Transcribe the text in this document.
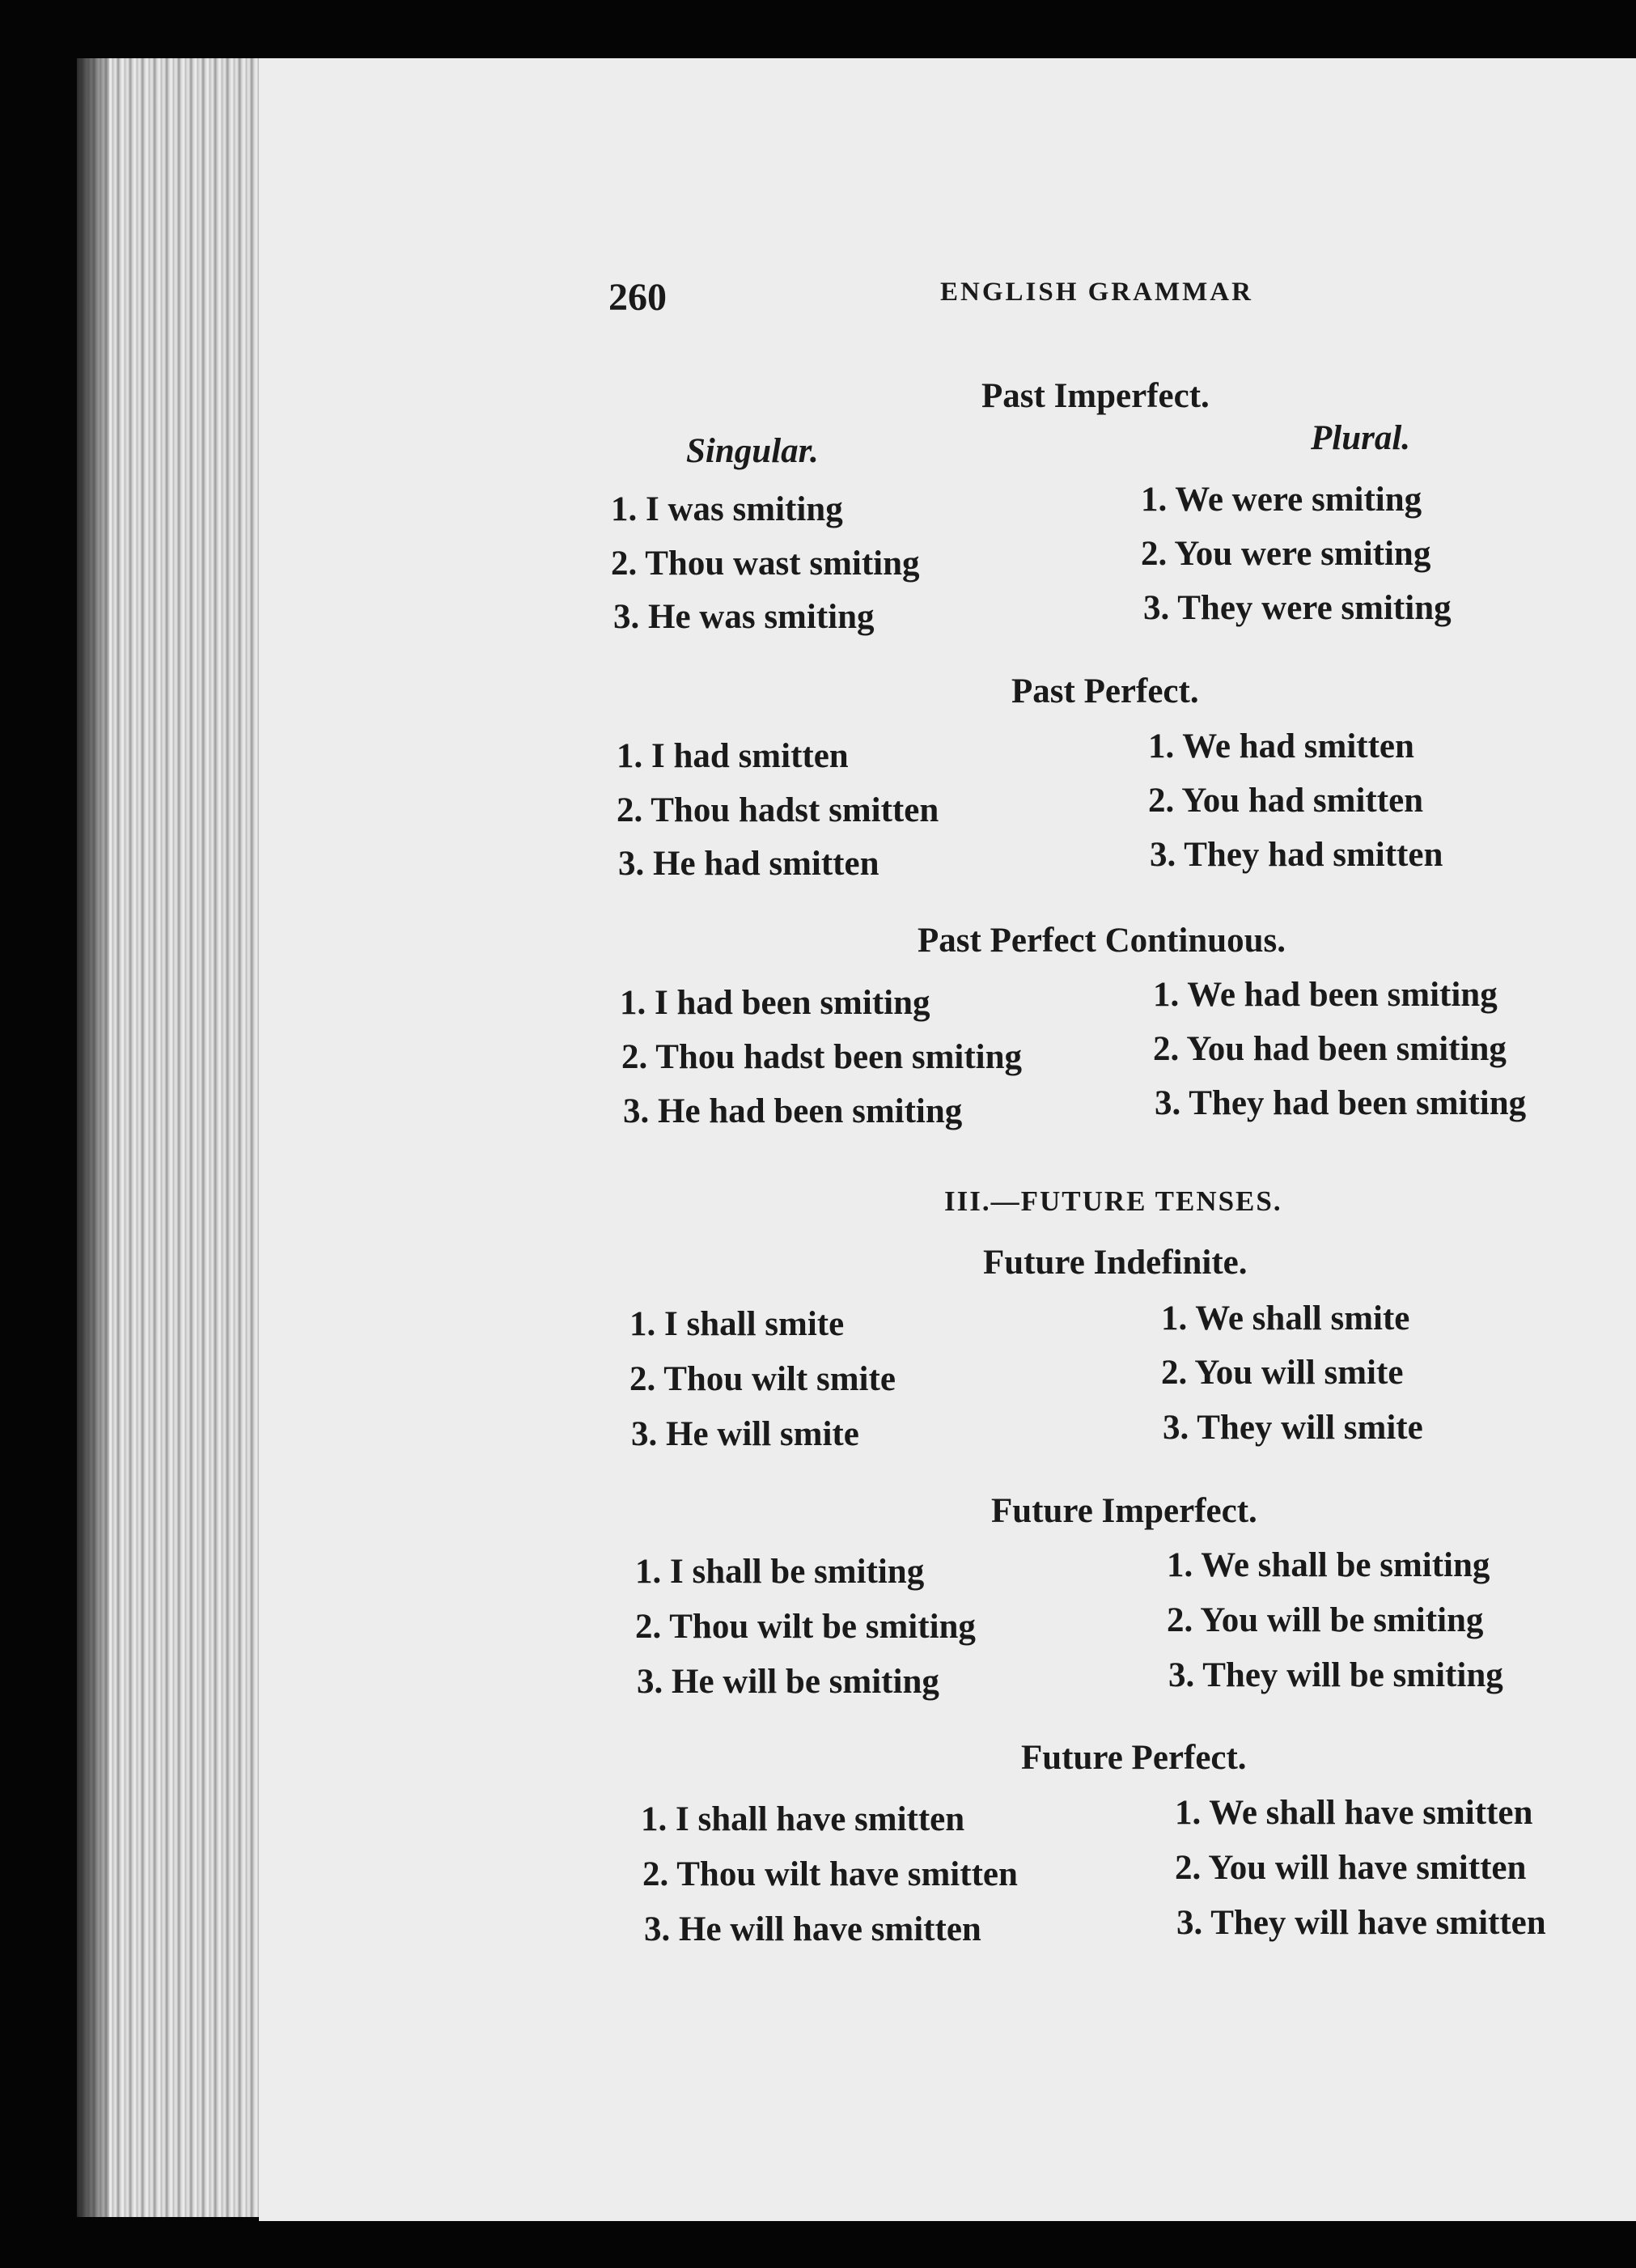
260	ENGLISH GRAMMAR
Past Imperfect.
Singular.	Plural.
1. I was smiting
2. Thou wast smiting
3. He was smiting
1. We were smiting
2. You were smiting
3. They were smiting
Past Perfect.
1. I had smitten
2. Thou hadst smitten
3. He had smitten
1. We had smitten
2. You had smitten
3. They had smitten
Past Perfect Continuous.
1. I had been smiting
2. Thou hadst been smiting
3. He had been smiting
1. We had been smiting
2. You had been smiting
3. They had been smiting
III.—FUTURE TENSES.
Future Indefinite.
1. I shall smite
2. Thou wilt smite
3. He will smite
1. We shall smite
2. You will smite
3. They will smite
Future Imperfect.
1. I shall be smiting
2. Thou wilt be smiting
3. He will be smiting
1. We shall be smiting
2. You will be smiting
3. They will be smiting
Future Perfect.
1. I shall have smitten
2. Thou wilt have smitten
3. He will have smitten
1. We shall have smitten
2. You will have smitten
3. They will have smitten
